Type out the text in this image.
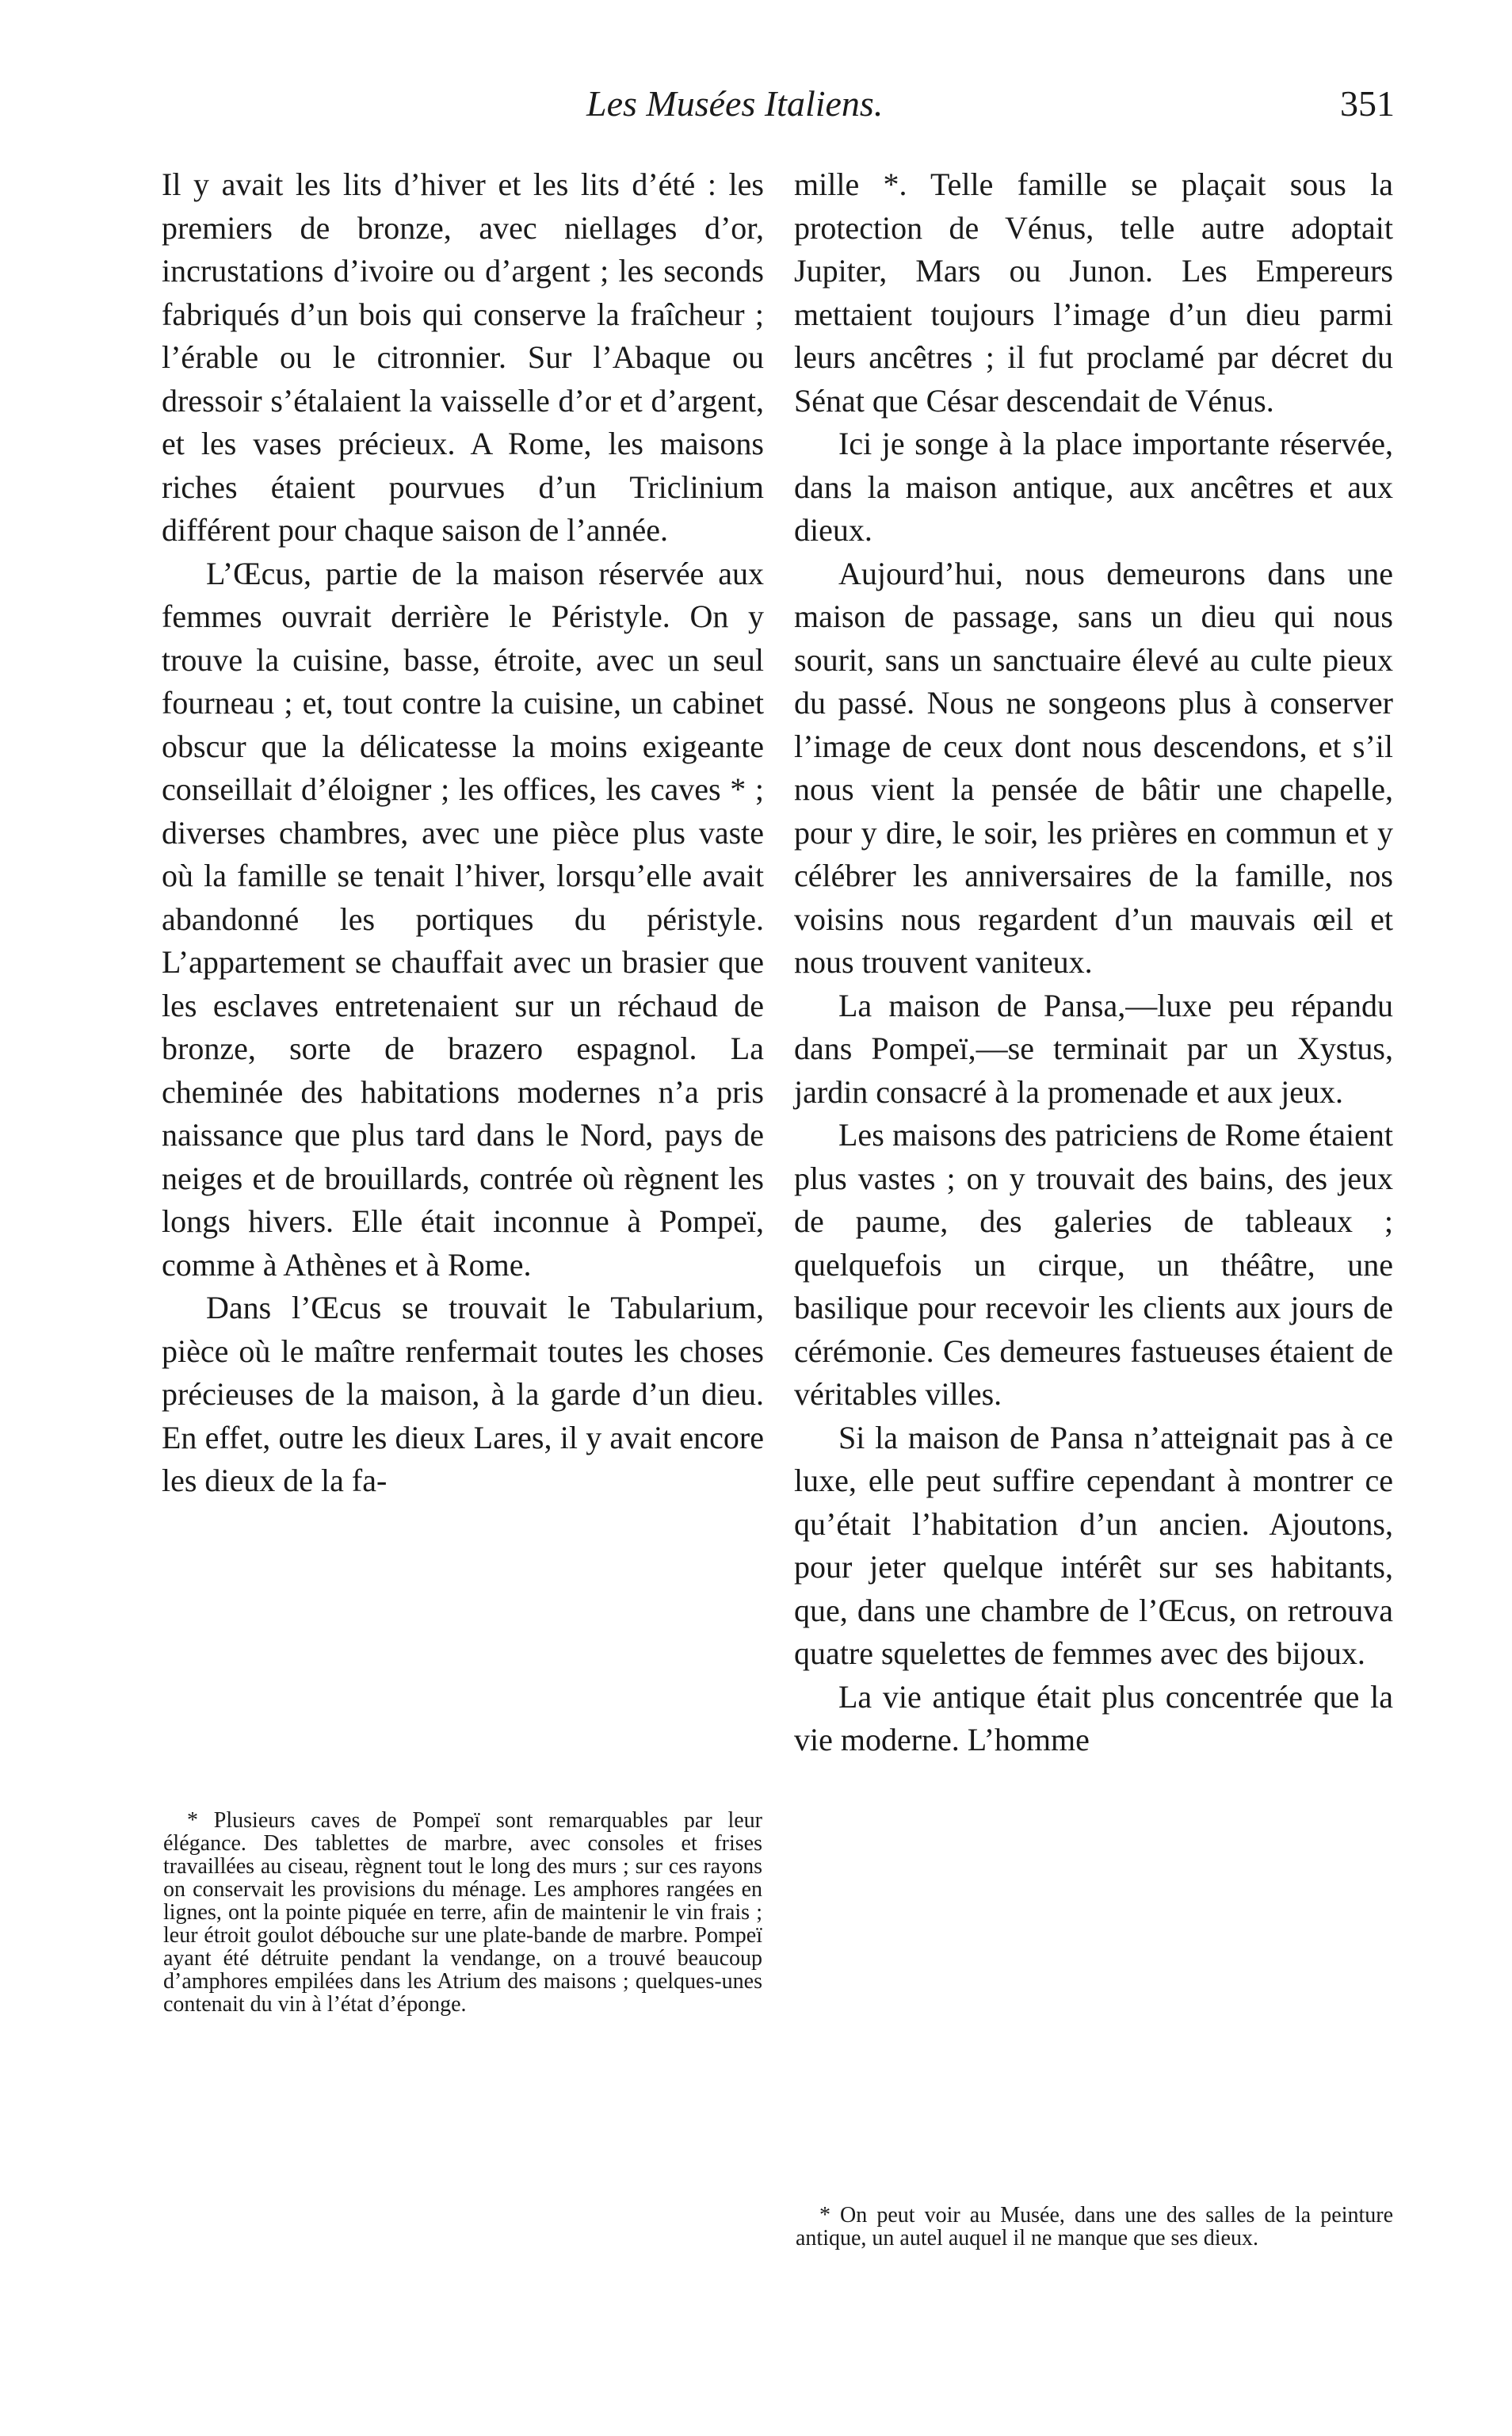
Les Musées Italiens.	351

Il y avait les lits d’hiver et les lits d’été : les premiers de bronze, avec niellages d’or, incrustations d’ivoire ou d’argent ; les seconds fabriqués d’un bois qui conserve la fraîcheur ; l’érable ou le citronnier. Sur l’Abaque ou dressoir s’étalaient la vaisselle d’or et d’argent, et les vases précieux. A Rome, les maisons riches étaient pourvues d’un Triclinium différent pour chaque saison de l’année.

L’Œcus, partie de la maison réservée aux femmes ouvrait derrière le Péristyle. On y trouve la cuisine, basse, étroite, avec un seul fourneau ; et, tout contre la cuisine, un cabinet obscur que la délicatesse la moins exigeante conseillait d’éloigner ; les offices, les caves * ; diverses chambres, avec une pièce plus vaste où la famille se tenait l’hiver, lorsqu’elle avait abandonné les portiques du péristyle. L’appartement se chauffait avec un brasier que les esclaves entretenaient sur un réchaud de bronze, sorte de brazero espagnol. La cheminée des habitations modernes n’a pris naissance que plus tard dans le Nord, pays de neiges et de brouillards, contrée où règnent les longs hivers. Elle était inconnue à Pompeï, comme à Athènes et à Rome.

Dans l’Œcus se trouvait le Tabularium, pièce où le maître renfermait toutes les choses précieuses de la maison, à la garde d’un dieu. En effet, outre les dieux Lares, il y avait encore les dieux de la fa-

mille *. Telle famille se plaçait sous la protection de Vénus, telle autre adoptait Jupiter, Mars ou Junon. Les Empereurs mettaient toujours l’image d’un dieu parmi leurs ancêtres ; il fut proclamé par décret du Sénat que César descendait de Vénus.

Ici je songe à la place importante réservée, dans la maison antique, aux ancêtres et aux dieux.

Aujourd’hui, nous demeurons dans une maison de passage, sans un dieu qui nous sourit, sans un sanctuaire élevé au culte pieux du passé. Nous ne songeons plus à conserver l’image de ceux dont nous descendons, et s’il nous vient la pensée de bâtir une chapelle, pour y dire, le soir, les prières en commun et y célébrer les anniversaires de la famille, nos voisins nous regardent d’un mauvais œil et nous trouvent vaniteux.

La maison de Pansa,—luxe peu répandu dans Pompeï,—se terminait par un Xystus, jardin consacré à la promenade et aux jeux.

Les maisons des patriciens de Rome étaient plus vastes ; on y trouvait des bains, des jeux de paume, des galeries de tableaux ; quelquefois un cirque, un théâtre, une basilique pour recevoir les clients aux jours de cérémonie. Ces demeures fastueuses étaient de véritables villes.

Si la maison de Pansa n’atteignait pas à ce luxe, elle peut suffire cependant à montrer ce qu’était l’habitation d’un ancien. Ajoutons, pour jeter quelque intérêt sur ses habitants, que, dans une chambre de l’Œcus, on retrouva quatre squelettes de femmes avec des bijoux.

La vie antique était plus concentrée que la vie moderne. L’homme

* Plusieurs caves de Pompeï sont remarquables par leur élégance. Des tablettes de marbre, avec consoles et frises travaillées au ciseau, règnent tout le long des murs ; sur ces rayons on conservait les provisions du ménage. Les amphores rangées en lignes, ont la pointe piquée en terre, afin de maintenir le vin frais ; leur étroit goulot débouche sur une plate-bande de marbre. Pompeï ayant été détruite pendant la vendange, on a trouvé beaucoup d’amphores empilées dans les Atrium des maisons ; quelques-unes contenait du vin à l’état d’éponge.

* On peut voir au Musée, dans une des salles de la peinture antique, un autel auquel il ne manque que ses dieux.
